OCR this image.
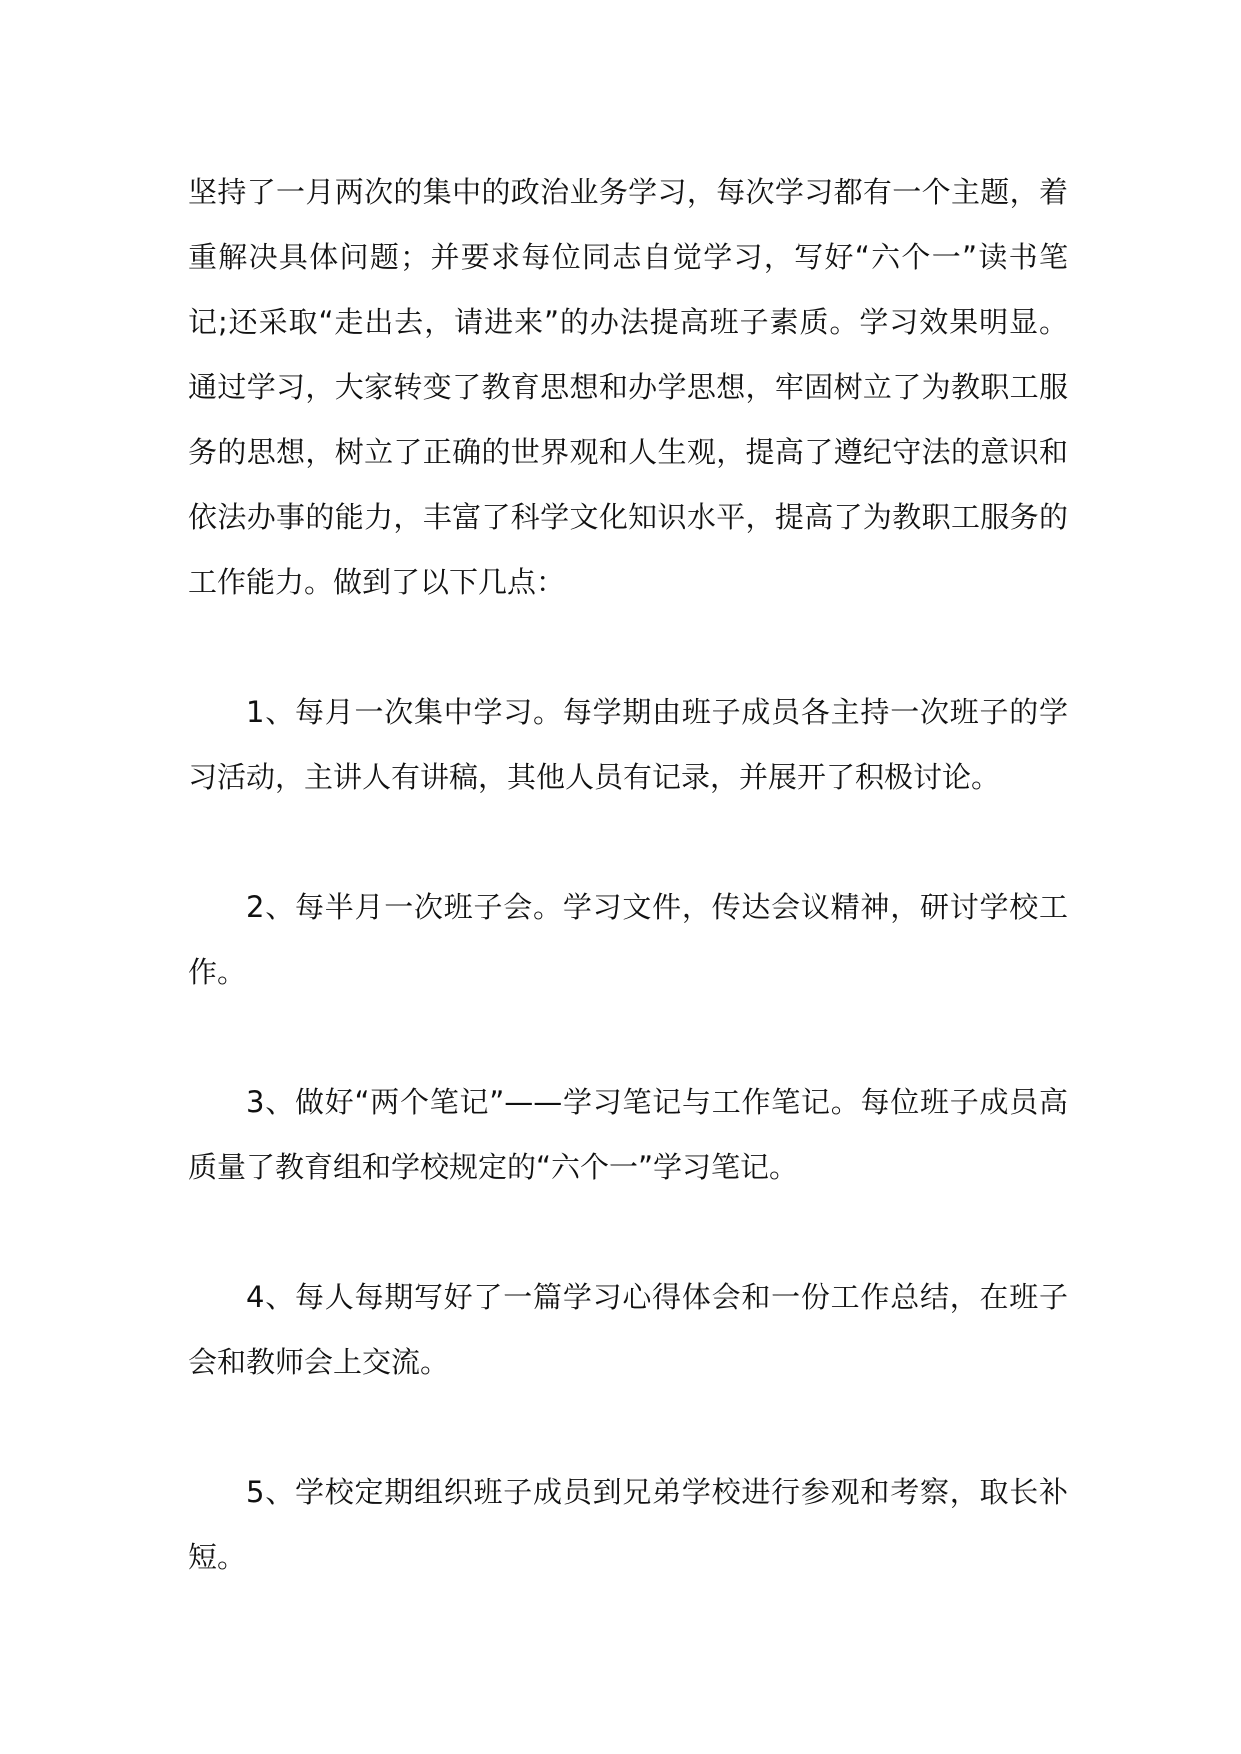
坚持了一月两次的集中的政治业务学习，每次学习都有一个主题，着重解决具体问题；并要求每位同志自觉学习，写好“六个一”读书笔记;还采取“走出去，请进来”的办法提高班子素质。学习效果明显。通过学习，大家转变了教育思想和办学思想，牢固树立了为教职工服务的思想，树立了正确的世界观和人生观，提高了遵纪守法的意识和依法办事的能力，丰富了科学文化知识水平，提高了为教职工服务的工作能力。做到了以下几点：

1、每月一次集中学习。每学期由班子成员各主持一次班子的学习活动，主讲人有讲稿，其他人员有记录，并展开了积极讨论。

2、每半月一次班子会。学习文件，传达会议精神，研讨学校工作。

3、做好“两个笔记”——学习笔记与工作笔记。每位班子成员高质量了教育组和学校规定的“六个一”学习笔记。

4、每人每期写好了一篇学习心得体会和一份工作总结，在班子会和教师会上交流。

5、学校定期组织班子成员到兄弟学校进行参观和考察，取长补短。
